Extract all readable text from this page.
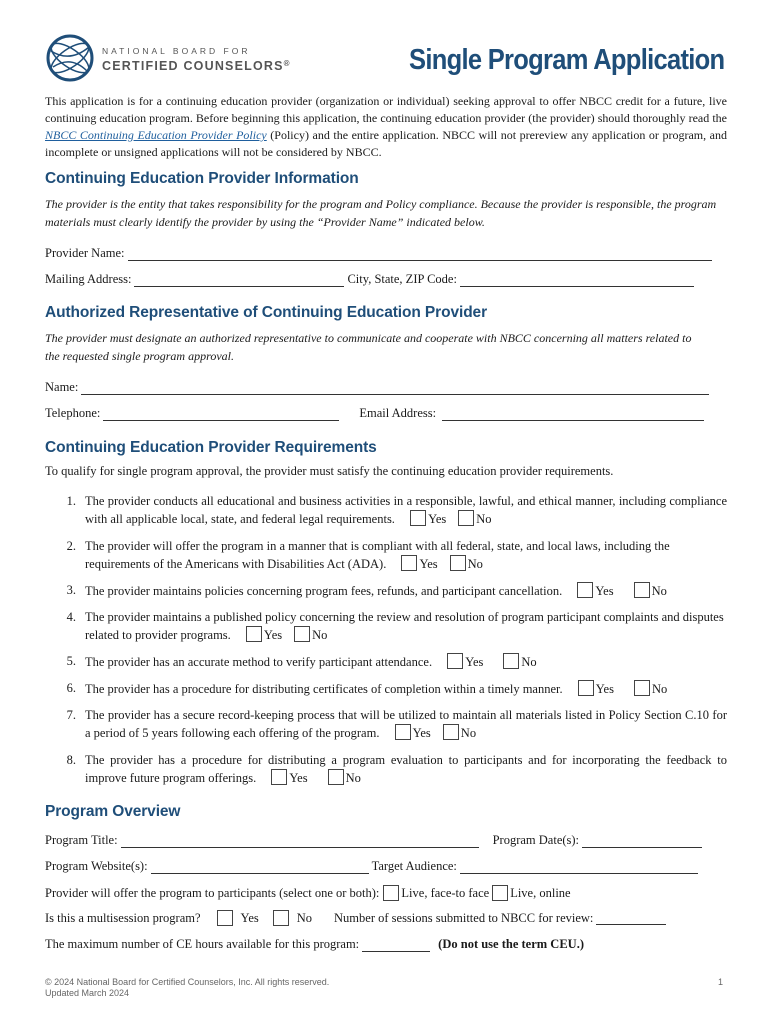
NATIONAL BOARD FOR
CERTIFIED COUNSELORS®	Single Program Application
This application is for a continuing education provider (organization or individual) seeking approval to offer NBCC credit for a future, live continuing education program. Before beginning this application, the continuing education provider (the provider) should thoroughly read the NBCC Continuing Education Provider Policy (Policy) and the entire application. NBCC will not prereview any application or program, and incomplete or unsigned applications will not be considered by NBCC.
Continuing Education Provider Information
The provider is the entity that takes responsibility for the program and Policy compliance. Because the provider is responsible, the program materials must clearly identify the provider by using the “Provider Name” indicated below.
Provider Name:
Mailing Address:	City, State, ZIP Code:
Authorized Representative of Continuing Education Provider
The provider must designate an authorized representative to communicate and cooperate with NBCC concerning all matters related to the requested single program approval.
Name:
Telephone:	Email Address:
Continuing Education Provider Requirements
To qualify for single program approval, the provider must satisfy the continuing education provider requirements.
1. The provider conducts all educational and business activities in a responsible, lawful, and ethical manner, including compliance with all applicable local, state, and federal legal requirements.	Yes No
2. The provider will offer the program in a manner that is compliant with all federal, state, and local laws, including the requirements of the Americans with Disabilities Act (ADA).	Yes No
3. The provider maintains policies concerning program fees, refunds, and participant cancellation.	Yes	No
4. The provider maintains a published policy concerning the review and resolution of program participant complaints and disputes related to provider programs.	Yes No
5. The provider has an accurate method to verify participant attendance.	Yes	No
6. The provider has a procedure for distributing certificates of completion within a timely manner.	Yes	No
7. The provider has a secure record-keeping process that will be utilized to maintain all materials listed in Policy Section C.10 for a period of 5 years following each offering of the program.	Yes No
8. The provider has a procedure for distributing a program evaluation to participants and for incorporating the feedback to improve future program offerings.	Yes	No
Program Overview
Program Title:	Program Date(s):
Program Website(s):	Target Audience:
Provider will offer the program to participants (select one or both): Live, face-to face Live, online
Is this a multisession program?	Yes	No Number of sessions submitted to NBCC for review:
The maximum number of CE hours available for this program:	(Do not use the term CEU.)
© 2024 National Board for Certified Counselors, Inc. All rights reserved.
Updated March 2024
1
